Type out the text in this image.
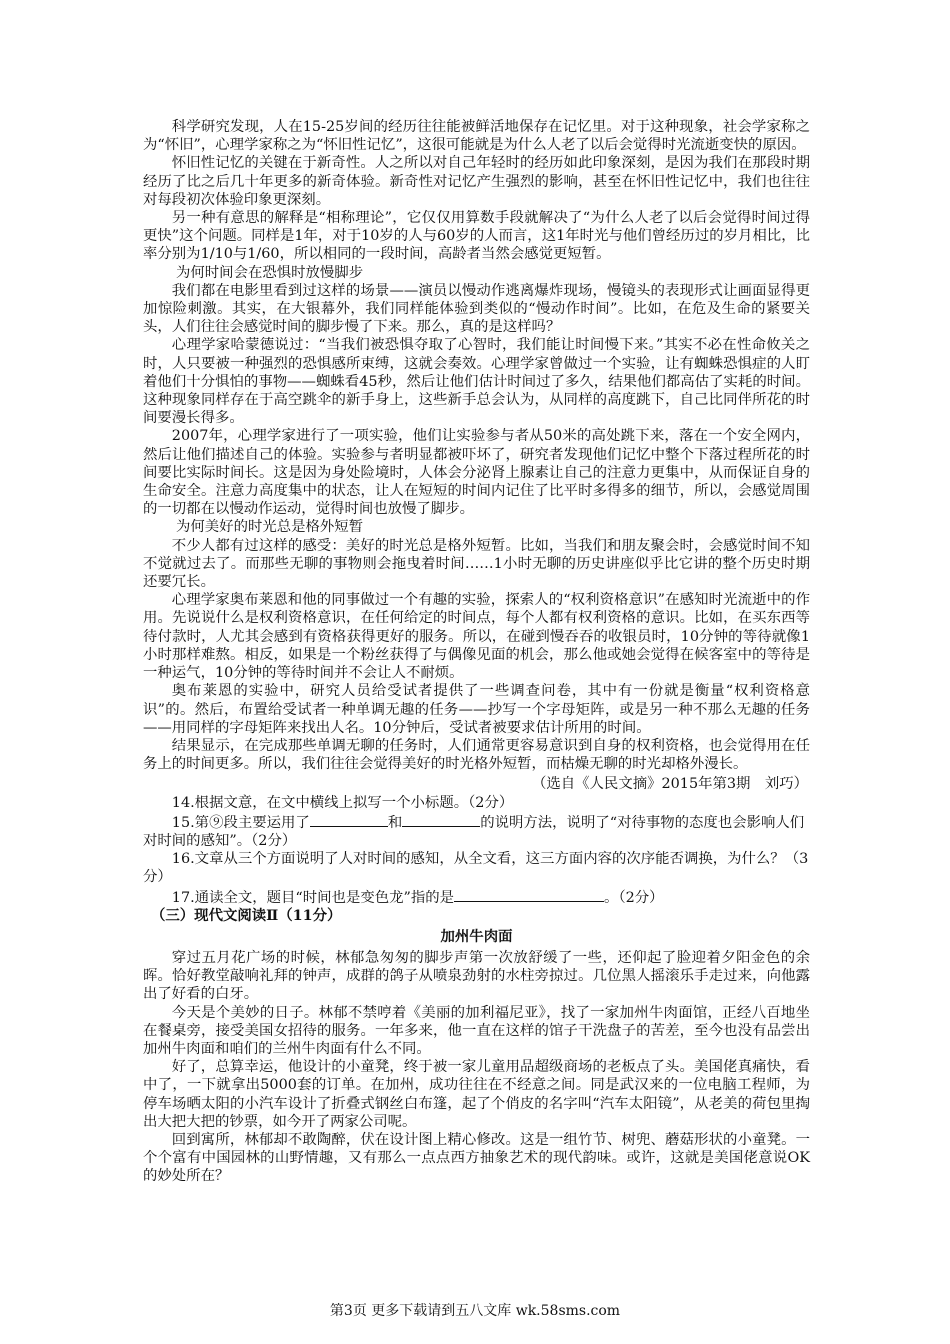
科学研究发现，人在15-25岁间的经历往往能被鲜活地保存在记忆里。对于这种现象，社会学家称之为“怀旧”，心理学家称之为“怀旧性记忆”，这很可能就是为什么人老了以后会觉得时光流逝变快的原因。

怀旧性记忆的关键在于新奇性。人之所以对自己年轻时的经历如此印象深刻，是因为我们在那段时期经历了比之后几十年更多的新奇体验。新奇性对记忆产生强烈的影响，甚至在怀旧性记忆中，我们也往往对每段初次体验印象更深刻。

另一种有意思的解释是“相称理论”，它仅仅用算数手段就解决了“为什么人老了以后会觉得时间过得更快”这个问题。同样是1年，对于10岁的人与60岁的人而言，这1年时光与他们曾经历过的岁月相比，比率分别为1/10与1/60，所以相同的一段时间，高龄者当然会感觉更短暂。

为何时间会在恐惧时放慢脚步

我们都在电影里看到过这样的场景——演员以慢动作逃离爆炸现场，慢镜头的表现形式让画面显得更加惊险刺激。其实，在大银幕外，我们同样能体验到类似的“慢动作时间”。比如，在危及生命的紧要关头，人们往往会感觉时间的脚步慢了下来。那么，真的是这样吗？

心理学家哈蒙德说过：“当我们被恐惧夺取了心智时，我们能让时间慢下来。”其实不必在性命攸关之时，人只要被一种强烈的恐惧感所束缚，这就会奏效。心理学家曾做过一个实验，让有蜘蛛恐惧症的人盯着他们十分惧怕的事物——蜘蛛看45秒，然后让他们估计时间过了多久，结果他们都高估了实耗的时间。这种现象同样存在于高空跳伞的新手身上，这些新手总会认为，从同样的高度跳下，自己比同伴所花的时间要漫长得多。

2007年，心理学家进行了一项实验，他们让实验参与者从50米的高处跳下来，落在一个安全网内，然后让他们描述自己的体验。实验参与者明显都被吓坏了，研究者发现他们记忆中整个下落过程所花的时间要比实际时间长。这是因为身处险境时，人体会分泌肾上腺素让自己的注意力更集中，从而保证自身的生命安全。注意力高度集中的状态，让人在短短的时间内记住了比平时多得多的细节，所以，会感觉周围的一切都在以慢动作运动，觉得时间也放慢了脚步。

为何美好的时光总是格外短暂

不少人都有过这样的感受：美好的时光总是格外短暂。比如，当我们和朋友聚会时，会感觉时间不知不觉就过去了。而那些无聊的事物则会拖曳着时间……1小时无聊的历史讲座似乎比它讲的整个历史时期还要冗长。

心理学家奥布莱恩和他的同事做过一个有趣的实验，探索人的“权利资格意识”在感知时光流逝中的作用。先说说什么是权利资格意识，在任何给定的时间点，每个人都有权利资格的意识。比如，在买东西等待付款时，人尤其会感到有资格获得更好的服务。所以，在碰到慢吞吞的收银员时，10分钟的等待就像1小时那样难熬。相反，如果是一个粉丝获得了与偶像见面的机会，那么他或她会觉得在候客室中的等待是一种运气，10分钟的等待时间并不会让人不耐烦。

奥布莱恩的实验中，研究人员给受试者提供了一些调查问卷，其中有一份就是衡量“权利资格意识”的。然后，布置给受试者一种单调无趣的任务——抄写一个字母矩阵，或是另一种不那么无趣的任务——用同样的字母矩阵来找出人名。10分钟后，受试者被要求估计所用的时间。

结果显示，在完成那些单调无聊的任务时，人们通常更容易意识到自身的权利资格，也会觉得用在任务上的时间更多。所以，我们往往会觉得美好的时光格外短暂，而枯燥无聊的时光却格外漫长。

（选自《人民文摘》2015年第3期　刘巧）

14.根据文意，在文中横线上拟写一个小标题。（2分）

15.第⑨段主要运用了	和	的说明方法，说明了“对待事物的态度也会影响人们对时间的感知”。（2分）

16.文章从三个方面说明了人对时间的感知，从全文看，这三方面内容的次序能否调换，为什么？（3分）

17.通读全文，题目“时间也是变色龙”指的是	。（2分）

（三）现代文阅读Ⅱ（11分）

加州牛肉面

穿过五月花广场的时候，林郁急匆匆的脚步声第一次放舒缓了一些，还仰起了脸迎着夕阳金色的余晖。恰好教堂敲响礼拜的钟声，成群的鸽子从喷泉劲射的水柱旁掠过。几位黑人摇滚乐手走过来，向他露出了好看的白牙。

今天是个美妙的日子。林郁不禁哼着《美丽的加利福尼亚》，找了一家加州牛肉面馆，正经八百地坐在餐桌旁，接受美国女招待的服务。一年多来，他一直在这样的馆子干洗盘子的苦差，至今也没有品尝出加州牛肉面和咱们的兰州牛肉面有什么不同。

好了，总算幸运，他设计的小童凳，终于被一家儿童用品超级商场的老板点了头。美国佬真痛快，看中了，一下就拿出5000套的订单。在加州，成功往往在不经意之间。同是武汉来的一位电脑工程师，为停车场晒太阳的小汽车设计了折叠式钢丝白布篷，起了个俏皮的名字叫“汽车太阳镜”，从老美的荷包里掏出大把大把的钞票，如今开了两家公司呢。

回到寓所，林郁却不敢陶醉，伏在设计图上精心修改。这是一组竹节、树兜、蘑菇形状的小童凳。一个个富有中国园林的山野情趣，又有那么一点点西方抽象艺术的现代韵味。或许，这就是美国佬意说OK的妙处所在？

第3页 更多下载请到五八文库 wk.58sms.com
